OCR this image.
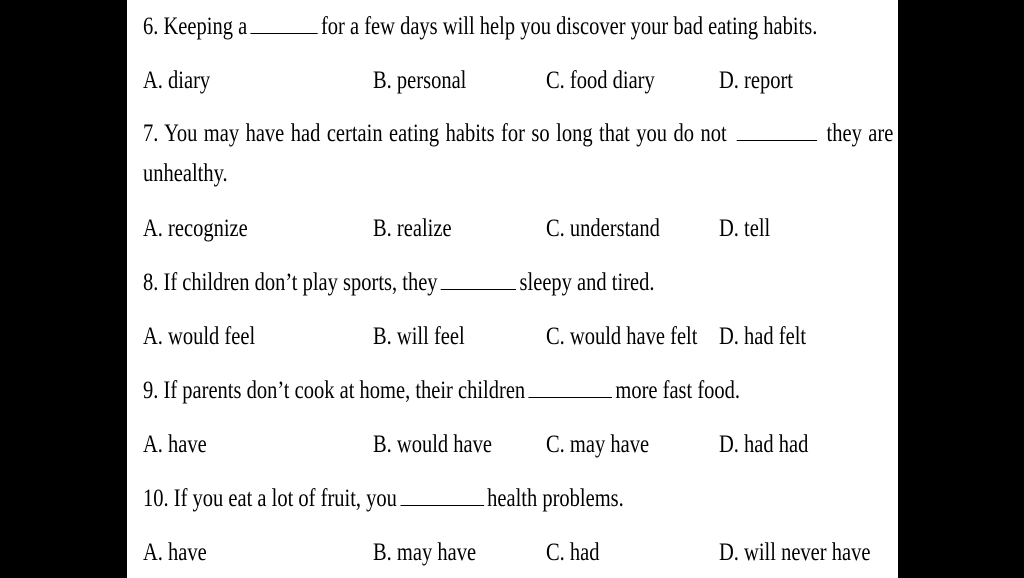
6. Keeping a	for a few days will help you discover your bad eating habits.
A. diary	B. personal	C. food diary	D. report
7. You may have had certain eating habits for so long that you do not	they are
unhealthy.
A. recognize	B. realize	C. understand D. tell
8. If children don’t play sports, they	sleepy and tired.
A. would feel	B. will feel	C. would have felt D. had felt
9. If parents don’t cook at home, their children	more fast food.
A. have	B. would have C. may have	D. had had
10. If you eat a lot of fruit, you	health problems.
A. have	B. may have	C. had	D. will never have
